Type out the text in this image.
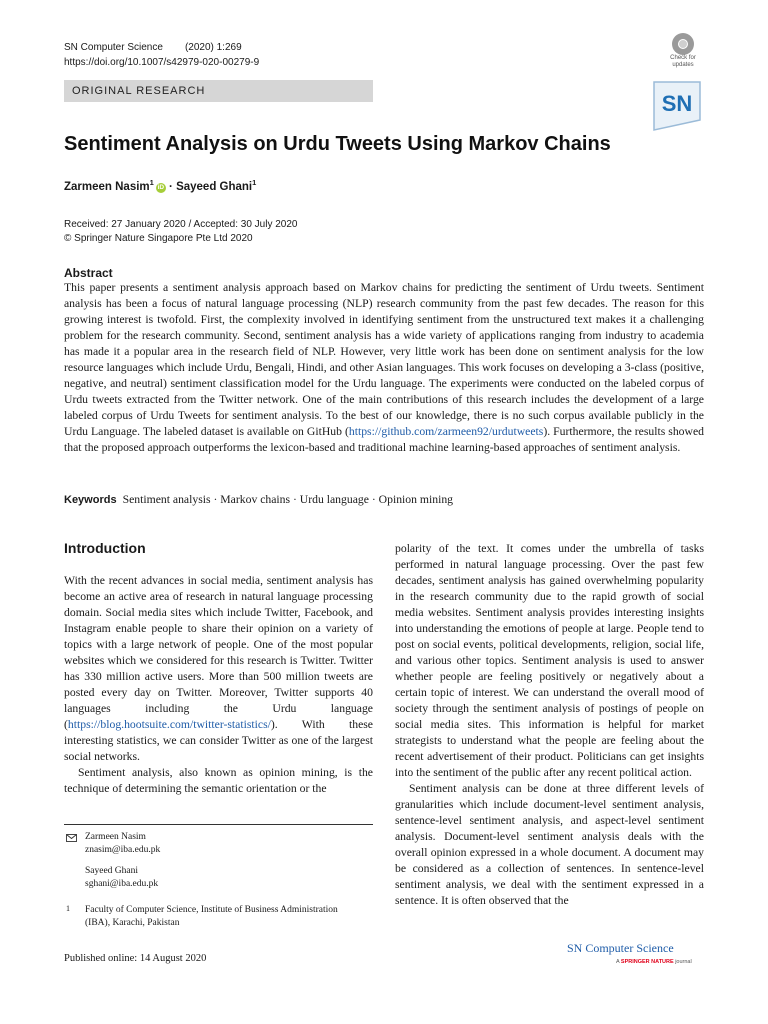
SN Computer Science (2020) 1:269
https://doi.org/10.1007/s42979-020-00279-9	Check for
updates
SN
ORIGINAL RESEARCH
Sentiment Analysis on Urdu Tweets Using Markov Chains
Zarmeen Nasim$^1$iD · Sayeed Ghani$^1$
Received: 27 January 2020 / Accepted: 30 July 2020
© Springer Nature Singapore Pte Ltd 2020
Abstract

This paper presents a sentiment analysis approach based on Markov chains for predicting the sentiment of Urdu tweets. Sentiment analysis has been a focus of natural language processing (NLP) research community from the past few decades. The reason for this growing interest is twofold. First, the complexity involved in identifying sentiment from the unstructured text makes it a challenging problem for the research community. Second, sentiment analysis has a wide variety of applications ranging from industry to academia has made it a popular area in the research field of NLP. However, very little work has been done on sentiment analysis for the low resource languages which include Urdu, Bengali, Hindi, and other Asian languages. This work focuses on developing a 3-class (positive, negative, and neutral) sentiment classification model for the Urdu language. The experiments were conducted on the labeled corpus of Urdu tweets extracted from the Twitter network. One of the main contributions of this research includes the development of a large labeled corpus of Urdu Tweets for sentiment analysis. To the best of our knowledge, there is no such corpus available publicly in the Urdu Language. The labeled dataset is available on GitHub (https://github.com/zarmeen92/urdutweets). Furthermore, the results showed that the proposed approach outperforms the lexicon-based and traditional machine learning-based approaches of sentiment analysis.

Keywords Sentiment analysis · Markov chains · Urdu language · Opinion mining
Introduction

With the recent advances in social media, sentiment analysis has become an active area of research in natural language processing domain. Social media sites which include Twitter, Facebook, and Instagram enable people to share their opinion on a variety of topics with a large network of people. One of the most popular websites which we considered for this research is Twitter. Twitter has 330 million active users. More than 500 million tweets are posted every day on Twitter. Moreover, Twitter supports 40 languages including the Urdu language (https://blog.hootsuite.com/twitter-statistics/). With these interesting statistics, we can consider Twitter as one of the largest social networks.

Sentiment analysis, also known as opinion mining, is the technique of determining the semantic orientation or the

polarity of the text. It comes under the umbrella of tasks performed in natural language processing. Over the past few decades, sentiment analysis has gained overwhelming popularity in the research community due to the rapid growth of social media websites. Sentiment analysis provides interesting insights into understanding the emotions of people at large. People tend to post on social events, political developments, religion, social life, and various other topics. Sentiment analysis is used to answer whether people are feeling positively or negatively about a certain topic of interest. We can understand the overall mood of society through the sentiment analysis of postings of people on social media sites. This information is helpful for market strategists to understand what the people are feeling about the recent advertisement of their product. Politicians can get insights into the sentiment of the public after any recent political action.

Sentiment analysis can be done at three different levels of granularities which include document-level sentiment analysis, sentence-level sentiment analysis, and aspect-level sentiment analysis. Document-level sentiment analysis deals with the overall opinion expressed in a whole document. A document may be considered as a collection of sentences. In sentence-level sentiment analysis, we deal with the sentiment expressed in a sentence. It is often observed that the

Zarmeen Nasim
znasim@iba.edu.pk

Sayeed Ghani
sghani@iba.edu.pk
1 Faculty of Computer Science, Institute of Business Administration (IBA), Karachi, Pakistan
Published online: 14 August 2020
SN Computer Science
A SPRINGER NATURE journal
